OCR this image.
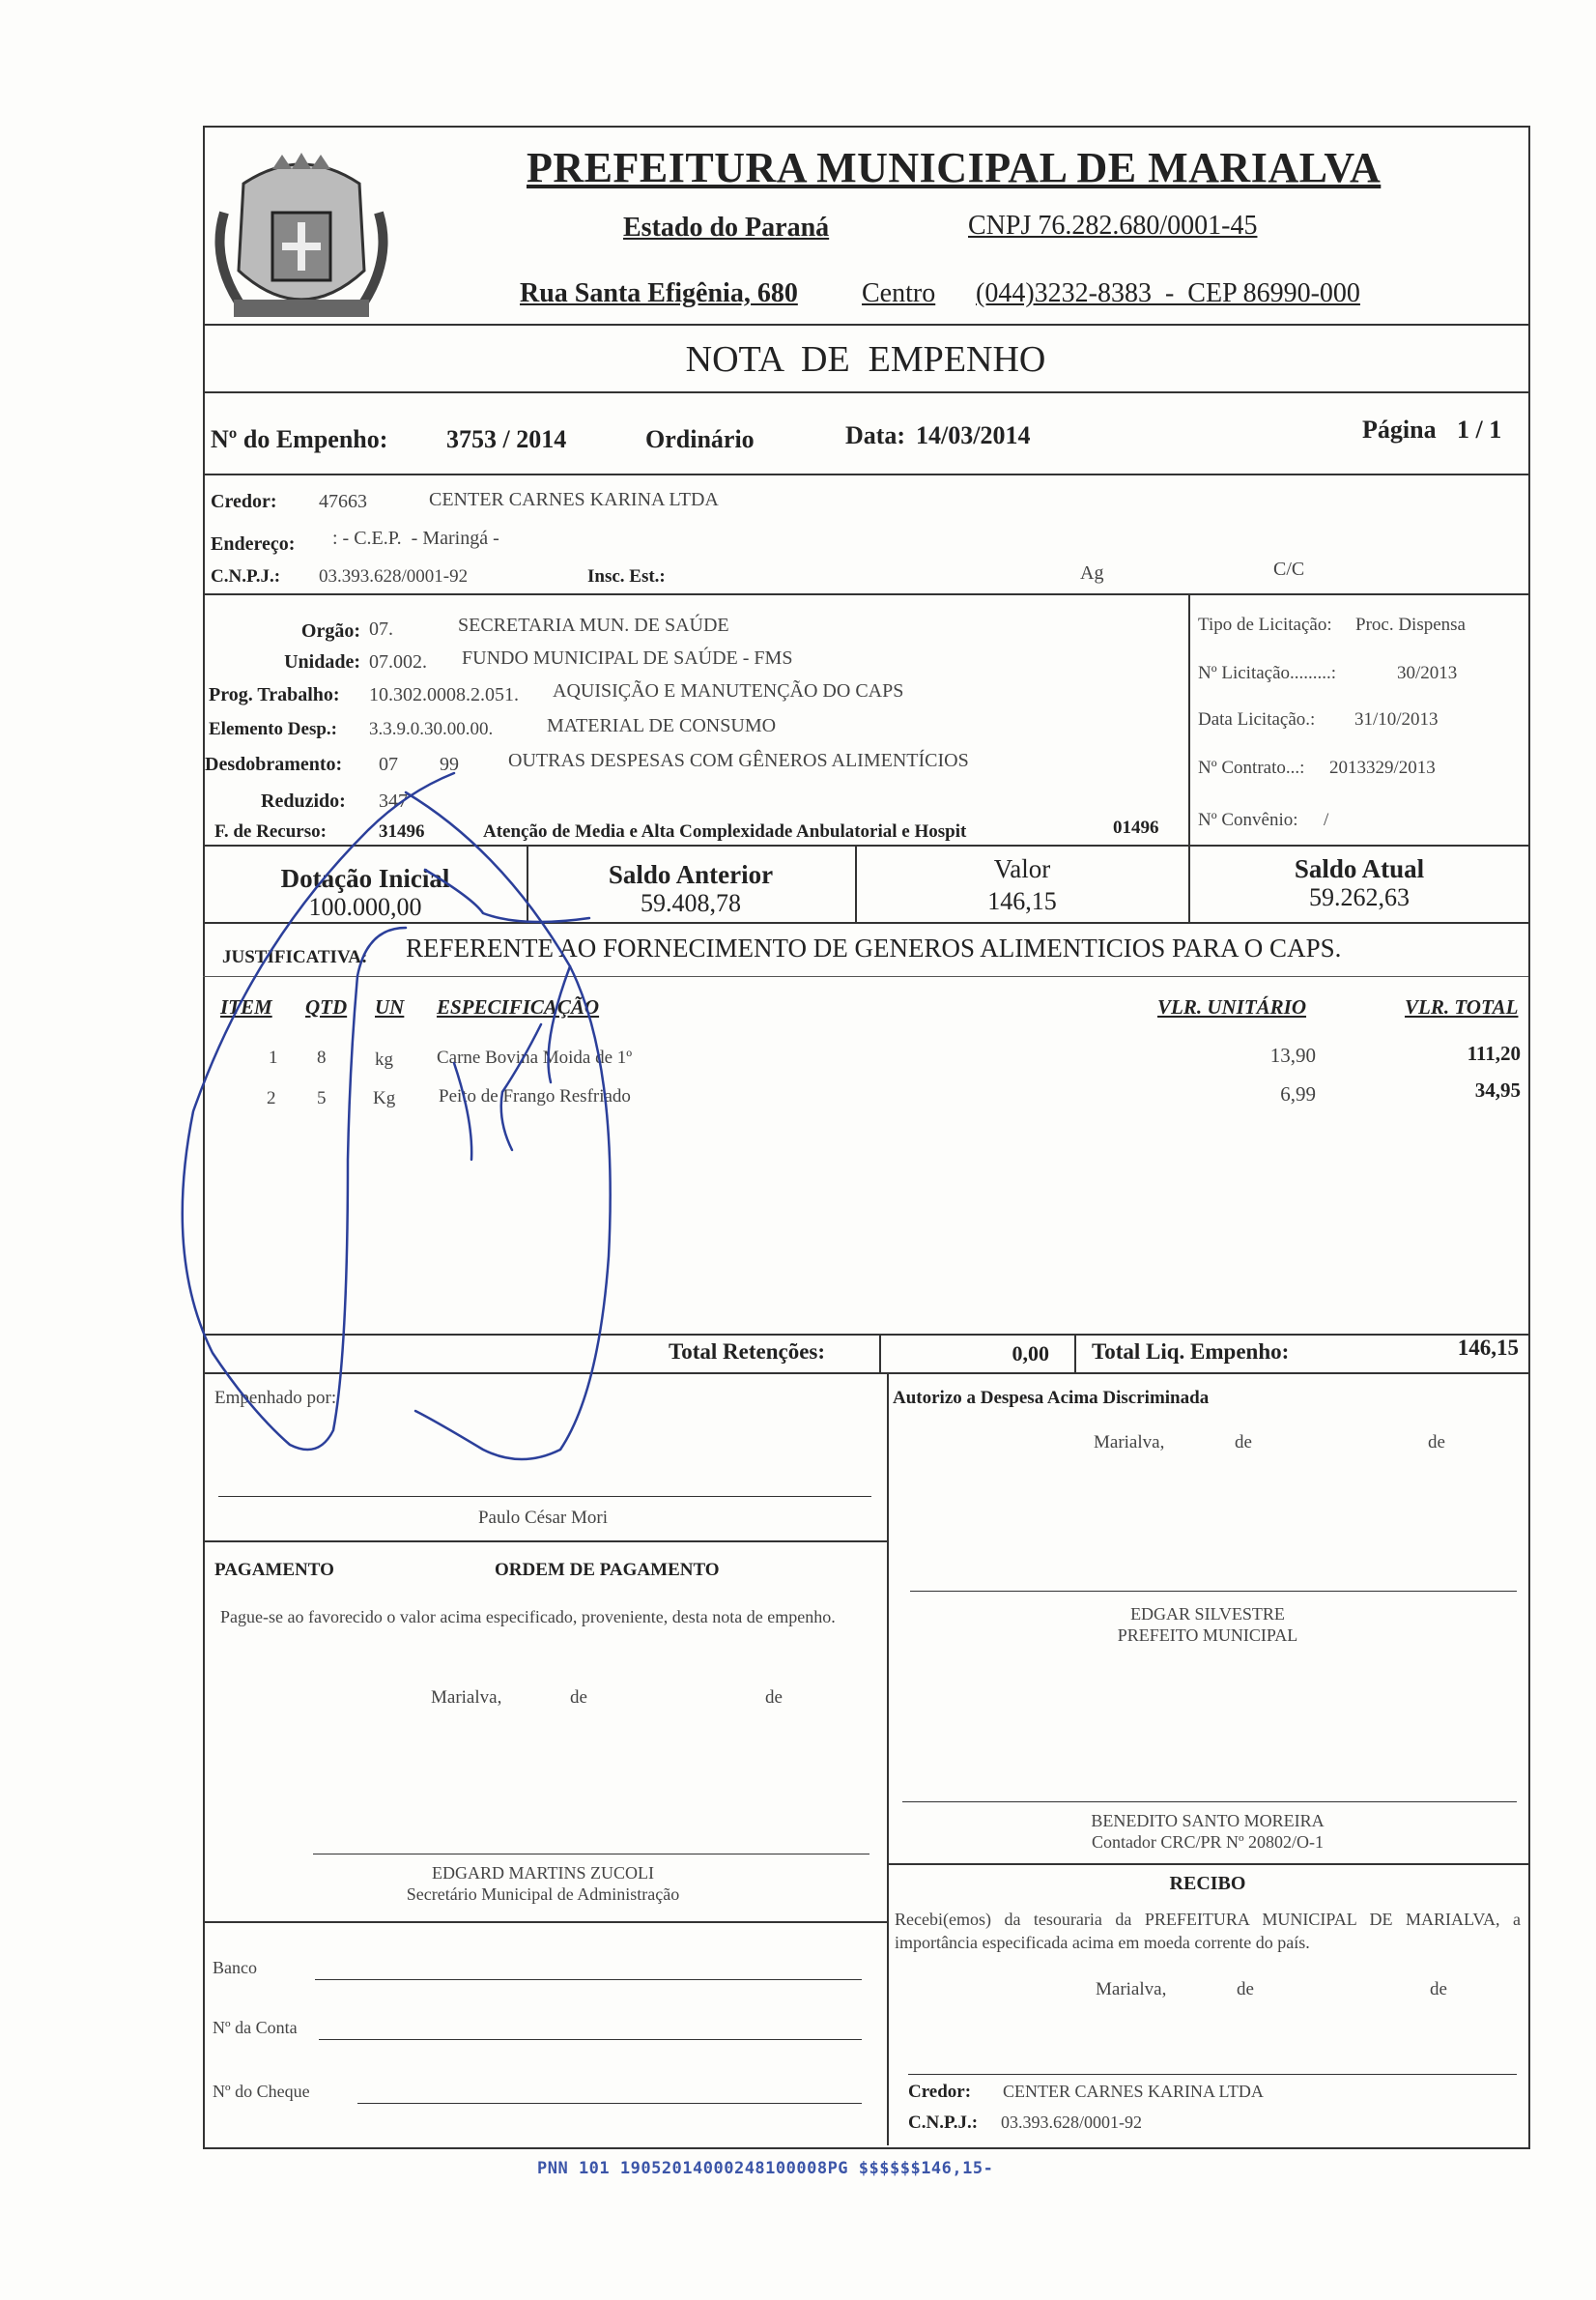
PREFEITURA MUNICIPAL DE MARIALVA
Estado do Paraná	CNPJ 76.282.680/0001-45
Rua Santa Efigênia, 680 Centro (044)3232-8383  -  CEP 86990-000
NOTA  DE  EMPENHO
Nº do Empenho: 3753 / 2014	Ordinário	Data: 14/03/2014	Página 1 / 1
Credor: 47663	CENTER CARNES KARINA LTDA
Endereço: : - C.E.P.  - Maringá -
C.N.P.J.: 03.393.628/0001-92	Insc. Est.:	Ag	C/C
Orgão: 07.	SECRETARIA MUN. DE SAÚDE
Unidade: 07.002. FUNDO MUNICIPAL DE SAÚDE - FMS
Prog. Trabalho: 10.302.0008.2.051. AQUISIÇÃO E MANUTENÇÃO DO CAPS
Elemento Desp.: 3.3.9.0.30.00.00.	MATERIAL DE CONSUMO
Desdobramento: 07 99	OUTRAS DESPESAS COM GÊNEROS ALIMENTÍCIOS
Reduzido: 347
F. de Recurso:	31496	Atenção de Media e Alta Complexidade Anbulatorial e Hospit	01496
Tipo de Licitação: Proc. Dispensa
Nº Licitação.........:	30/2013
Data Licitação.: 31/10/2013
Nº Contrato...: 2013329/2013
Nº Convênio: /
Dotação Inicial
100.000,00
Saldo Anterior
59.408,78
Valor
146,15
Saldo Atual
59.262,63
JUSTIFICATIVA: REFERENTE AO FORNECIMENTO DE GENEROS ALIMENTICIOS PARA O CAPS.
ITEM QTD UN ESPECIFICAÇÃO	VLR. UNITÁRIO	VLR. TOTAL
1 8	kg Carne Bovina Moida de 1º	13,90	111,20
2 5	Kg Peito de Frango Resfriado	6,99	34,95
Total Retenções:	0,00 Total Liq. Empenho:	146,15
Empenhado por:
Paulo César Mori
Autorizo a Despesa Acima Discriminada
Marialva,	de	de
EDGAR SILVESTRE
PREFEITO MUNICIPAL
PAGAMENTO	ORDEM DE PAGAMENTO
Pague-se ao favorecido o valor acima especificado, proveniente, desta nota de empenho.
Marialva,	de	de
EDGARD MARTINS ZUCOLI
Secretário Municipal de Administração
BENEDITO SANTO MOREIRA
Contador CRC/PR Nº 20802/O-1
RECIBO
Recebi(emos) da tesouraria da PREFEITURA MUNICIPAL DE MARIALVA, a importância especificada acima em moeda corrente do país.
Marialva,	de	de
Credor: CENTER CARNES KARINA LTDA
C.N.P.J.: 03.393.628/0001-92
Banco
Nº da Conta
Nº do Cheque
PNN 101 19052014000248100008PG $$$$$$146,15-
